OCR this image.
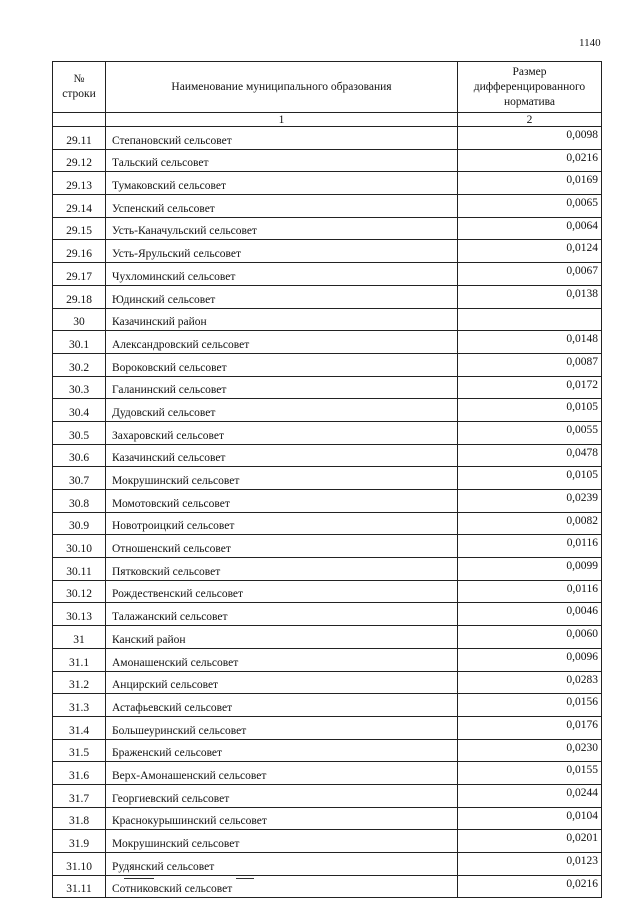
1140
№ строки	Наименование муниципального образования	Размер дифференцированного норматива
	1	2
29.11	Степановский сельсовет	0,0098
29.12	Тальский сельсовет	0,0216
29.13	Тумаковский сельсовет	0,0169
29.14	Успенский сельсовет	0,0065
29.15	Усть-Каначульский сельсовет	0,0064
29.16	Усть-Ярульский сельсовет	0,0124
29.17	Чухломинский сельсовет	0,0067
29.18	Юдинский сельсовет	0,0138
30	Казачинский район	
30.1	Александровский сельсовет	0,0148
30.2	Вороковский сельсовет	0,0087
30.3	Галанинский сельсовет	0,0172
30.4	Дудовский сельсовет	0,0105
30.5	Захаровский сельсовет	0,0055
30.6	Казачинский сельсовет	0,0478
30.7	Мокрушинский сельсовет	0,0105
30.8	Момотовский сельсовет	0,0239
30.9	Новотроицкий сельсовет	0,0082
30.10	Отношенский сельсовет	0,0116
30.11	Пятковский сельсовет	0,0099
30.12	Рождественский сельсовет	0,0116
30.13	Талажанский сельсовет	0,0046
31	Канский район	0,0060
31.1	Амонашенский сельсовет	0,0096
31.2	Анцирский сельсовет	0,0283
31.3	Астафьевский сельсовет	0,0156
31.4	Большеуринский сельсовет	0,0176
31.5	Браженский сельсовет	0,0230
31.6	Верх-Амонашенский сельсовет	0,0155
31.7	Георгиевский сельсовет	0,0244
31.8	Краснокурышинский сельсовет	0,0104
31.9	Мокрушинский сельсовет	0,0201
31.10	Рудянский сельсовет	0,0123
31.11	Сотниковский сельсовет	0,0216
